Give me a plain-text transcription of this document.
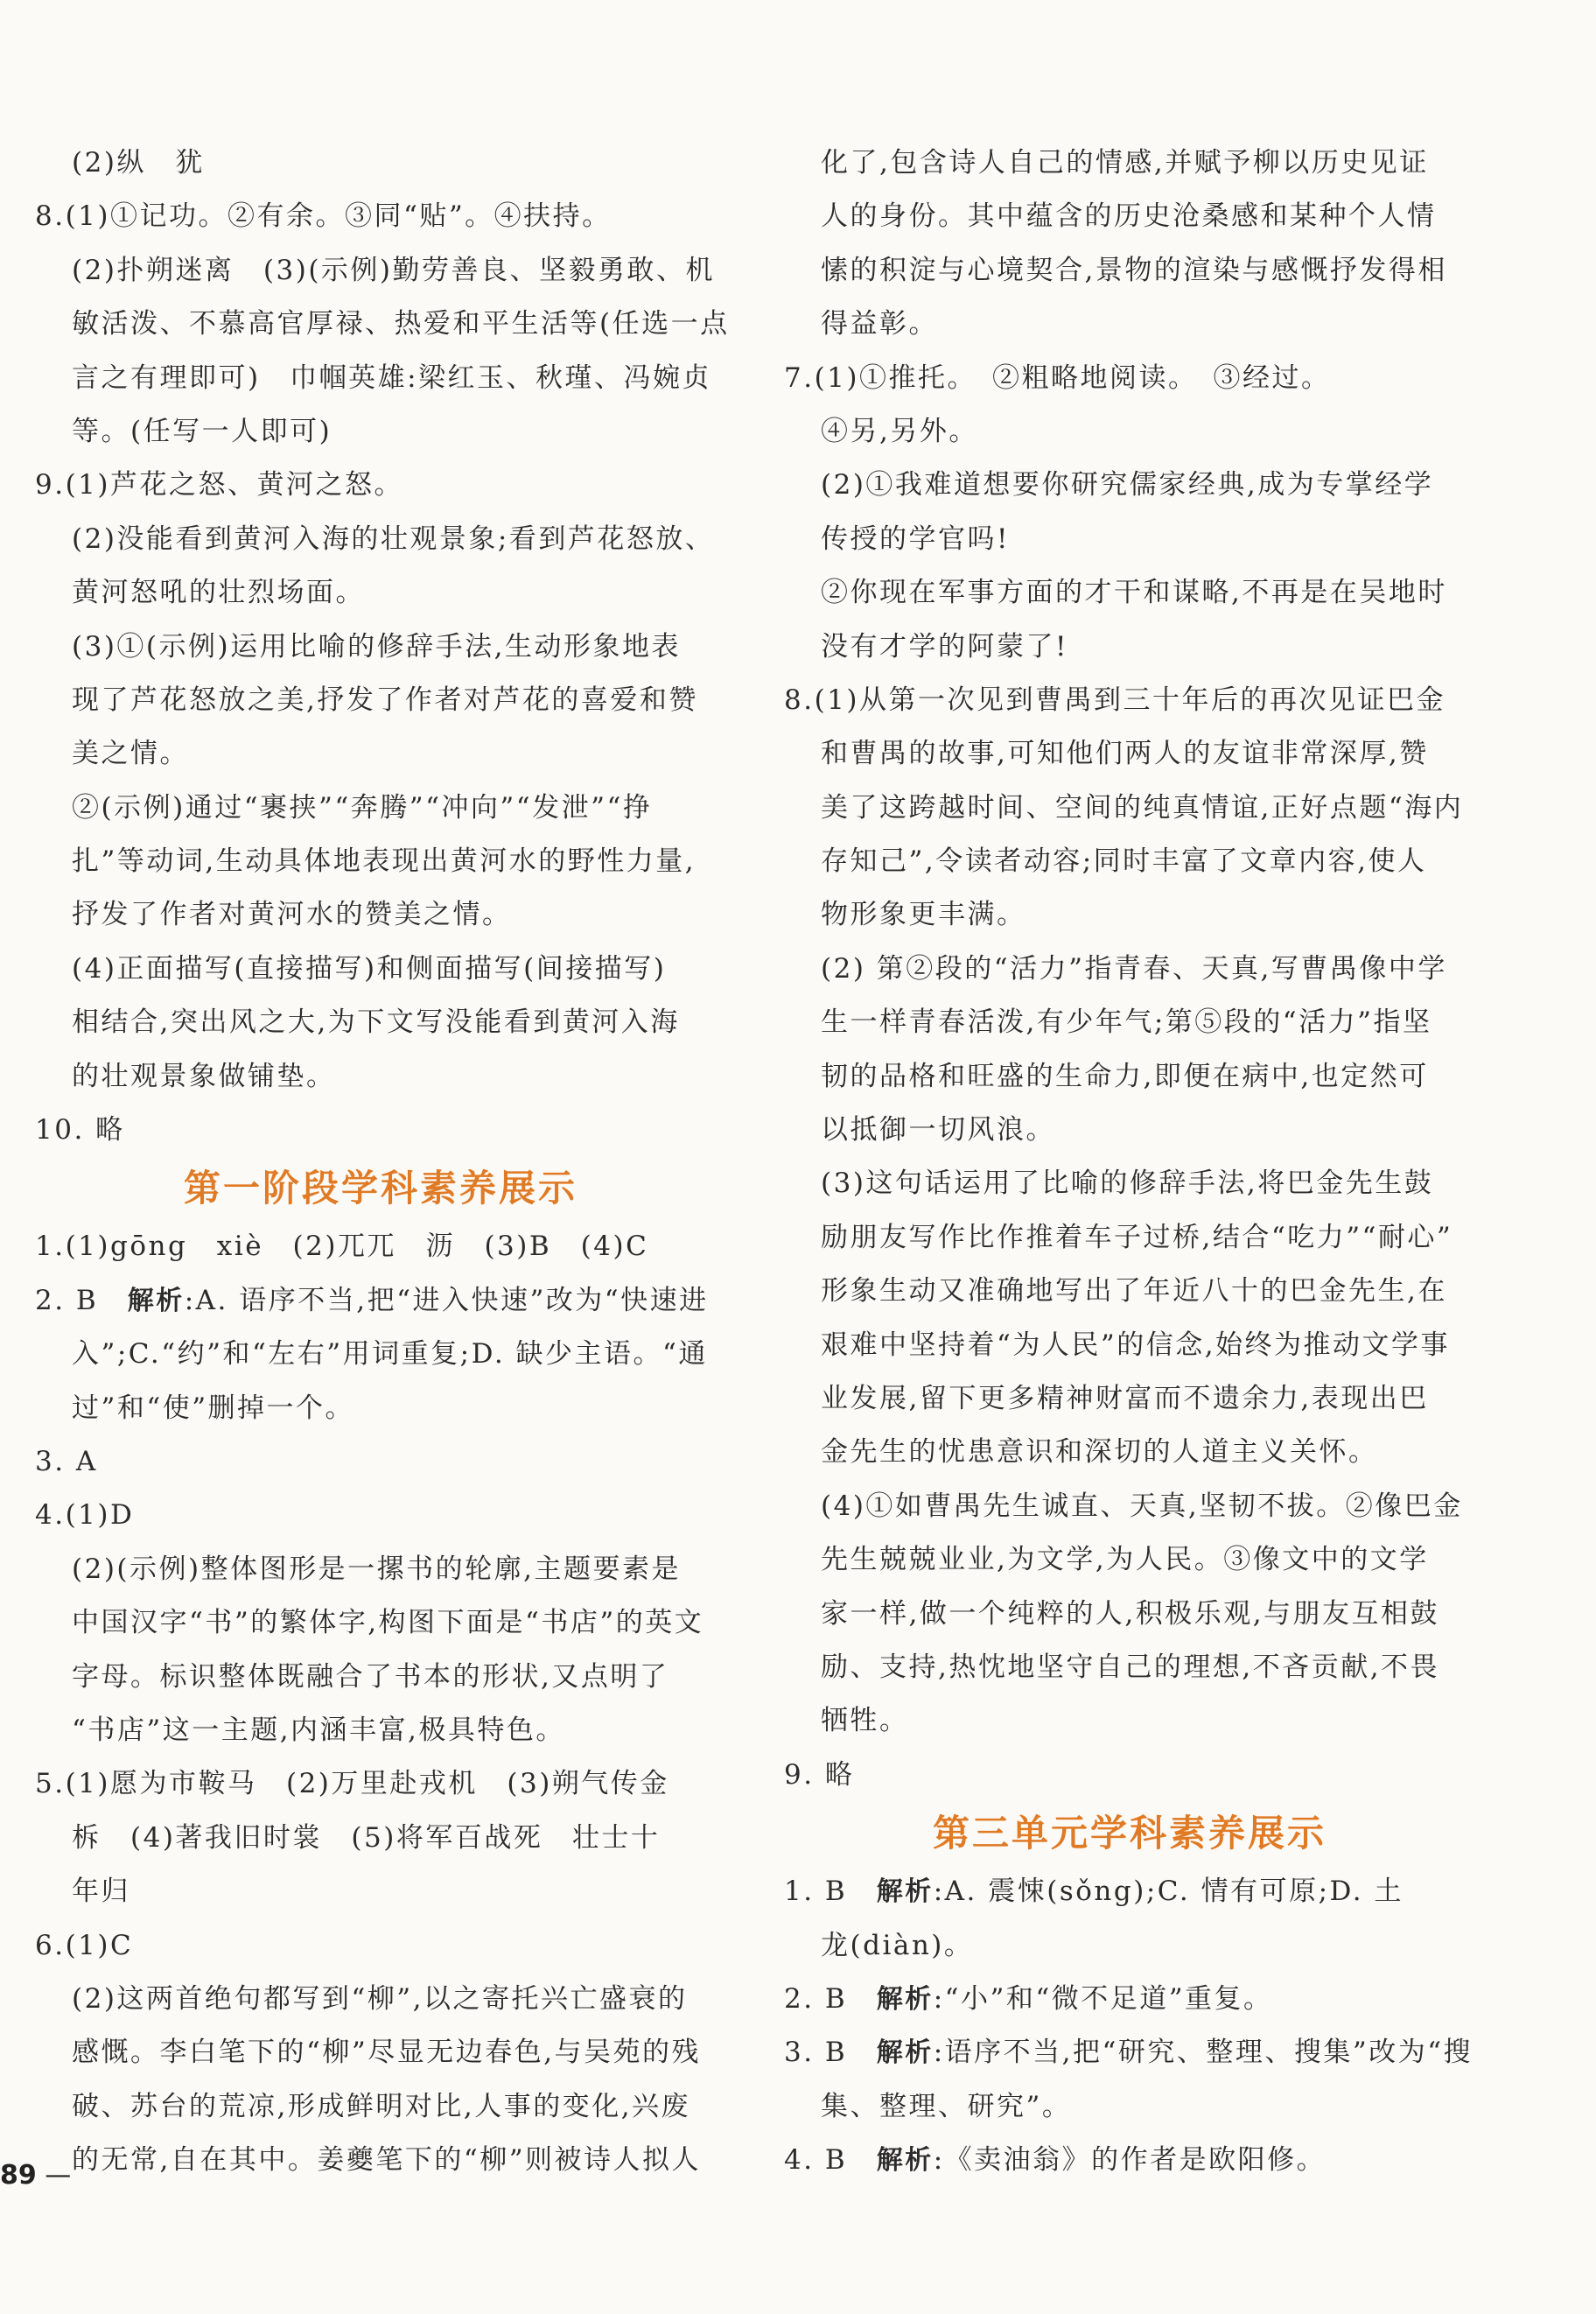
(2)纵　犹
8.(1)①记功。②有余。③同“贴”。④扶持。
(2)扑朔迷离　(3)(示例)勤劳善良、坚毅勇敢、机
敏活泼、不慕高官厚禄、热爱和平生活等(任选一点
言之有理即可)　巾帼英雄:梁红玉、秋瑾、冯婉贞
等。(任写一人即可)
9.(1)芦花之怒、黄河之怒。
(2)没能看到黄河入海的壮观景象;看到芦花怒放、
黄河怒吼的壮烈场面。
(3)①(示例)运用比喻的修辞手法,生动形象地表
现了芦花怒放之美,抒发了作者对芦花的喜爱和赞
美之情。
②(示例)通过“裹挟”“奔腾”“冲向”“发泄”“挣
扎”等动词,生动具体地表现出黄河水的野性力量,
抒发了作者对黄河水的赞美之情。
(4)正面描写(直接描写)和侧面描写(间接描写)
相结合,突出风之大,为下文写没能看到黄河入海
的壮观景象做铺垫。
10. 略
第一阶段学科素养展示
1.(1)gōng　xiè　(2)兀兀　沥　(3)B　(4)C
2. B　解析:A. 语序不当,把“进入快速”改为“快速进
入”;C.“约”和“左右”用词重复;D. 缺少主语。“通
过”和“使”删掉一个。
3. A
4.(1)D
(2)(示例)整体图形是一摞书的轮廓,主题要素是
中国汉字“书”的繁体字,构图下面是“书店”的英文
字母。标识整体既融合了书本的形状,又点明了
“书店”这一主题,内涵丰富,极具特色。
5.(1)愿为市鞍马　(2)万里赴戎机　(3)朔气传金
柝　(4)著我旧时裳　(5)将军百战死　壮士十
年归
6.(1)C
(2)这两首绝句都写到“柳”,以之寄托兴亡盛衰的
感慨。李白笔下的“柳”尽显无边春色,与吴苑的残
破、苏台的荒凉,形成鲜明对比,人事的变化,兴废
的无常,自在其中。姜夔笔下的“柳”则被诗人拟人
化了,包含诗人自己的情感,并赋予柳以历史见证
人的身份。其中蕴含的历史沧桑感和某种个人情
愫的积淀与心境契合,景物的渲染与感慨抒发得相
得益彰。
7.(1)①推托。　②粗略地阅读。　③经过。
④另,另外。
(2)①我难道想要你研究儒家经典,成为专掌经学
传授的学官吗!
②你现在军事方面的才干和谋略,不再是在吴地时
没有才学的阿蒙了!
8.(1)从第一次见到曹禺到三十年后的再次见证巴金
和曹禺的故事,可知他们两人的友谊非常深厚,赞
美了这跨越时间、空间的纯真情谊,正好点题“海内
存知己”,令读者动容;同时丰富了文章内容,使人
物形象更丰满。
(2) 第②段的“活力”指青春、天真,写曹禺像中学
生一样青春活泼,有少年气;第⑤段的“活力”指坚
韧的品格和旺盛的生命力,即便在病中,也定然可
以抵御一切风浪。
(3)这句话运用了比喻的修辞手法,将巴金先生鼓
励朋友写作比作推着车子过桥,结合“吃力”“耐心”
形象生动又准确地写出了年近八十的巴金先生,在
艰难中坚持着“为人民”的信念,始终为推动文学事
业发展,留下更多精神财富而不遗余力,表现出巴
金先生的忧患意识和深切的人道主义关怀。
(4)①如曹禺先生诚直、天真,坚韧不拔。②像巴金
先生兢兢业业,为文学,为人民。③像文中的文学
家一样,做一个纯粹的人,积极乐观,与朋友互相鼓
励、支持,热忱地坚守自己的理想,不吝贡献,不畏
牺牲。
9. 略
第三单元学科素养展示
1. B　解析:A. 震悚(sǒng);C. 情有可原;D. 土
龙(diàn)。
2. B　解析:“小”和“微不足道”重复。
3. B　解析:语序不当,把“研究、整理、搜集”改为“搜
集、整理、研究”。
4. B　解析:《卖油翁》的作者是欧阳修。
89 —
